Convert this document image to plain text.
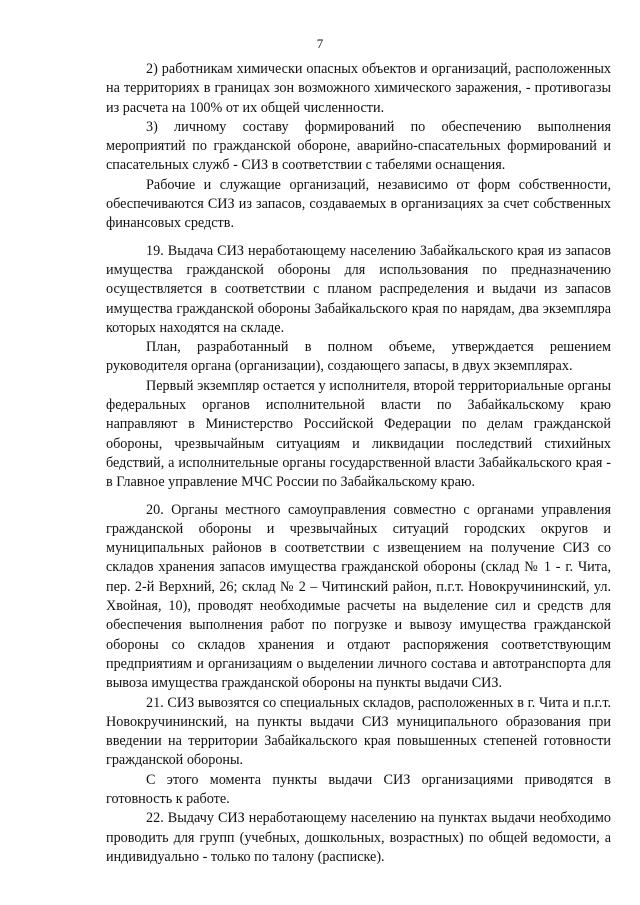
7

2) работникам химически опасных объектов и организаций, расположенных на территориях в границах зон возможного химического заражения, - противогазы из расчета на 100% от их общей численности.

3) личному составу формирований по обеспечению выполнения мероприятий по гражданской обороне, аварийно-спасательных формирований и спасательных служб - СИЗ в соответствии с табелями оснащения.

Рабочие и служащие организаций, независимо от форм собственности, обеспечиваются СИЗ из запасов, создаваемых в организациях за счет собственных финансовых средств.

19. Выдача СИЗ неработающему населению Забайкальского края из запасов имущества гражданской обороны для использования по предназначению осуществляется в соответствии с планом распределения и выдачи из запасов имущества гражданской обороны Забайкальского края по нарядам, два экземпляра которых находятся на складе.

План, разработанный в полном объеме, утверждается решением руководителя органа (организации), создающего запасы, в двух экземплярах.

Первый экземпляр остается у исполнителя, второй территориальные органы федеральных органов исполнительной власти по Забайкальскому краю направляют в Министерство Российской Федерации по делам гражданской обороны, чрезвычайным ситуациям и ликвидации последствий стихийных бедствий, а исполнительные органы государственной власти Забайкальского края - в Главное управление МЧС России по Забайкальскому краю.

20. Органы местного самоуправления совместно с органами управления гражданской обороны и чрезвычайных ситуаций городских округов и муниципальных районов в соответствии с извещением на получение СИЗ со складов хранения запасов имущества гражданской обороны (склад № 1 - г. Чита, пер. 2-й Верхний, 26; склад № 2 – Читинский район, п.г.т. Новокручининский, ул. Хвойная, 10), проводят необходимые расчеты на выделение сил и средств для обеспечения выполнения работ по погрузке и вывозу имущества гражданской обороны со складов хранения и отдают распоряжения соответствующим предприятиям и организациям о выделении личного состава и автотранспорта для вывоза имущества гражданской обороны на пункты выдачи СИЗ.

21. СИЗ вывозятся со специальных складов, расположенных в г. Чита и п.г.т. Новокручининский, на пункты выдачи СИЗ муниципального образования при введении на территории Забайкальского края повышенных степеней готовности гражданской обороны.

С этого момента пункты выдачи СИЗ организациями приводятся в готовность к работе.

22. Выдачу СИЗ неработающему населению на пунктах выдачи необходимо проводить для групп (учебных, дошкольных, возрастных) по общей ведомости, а индивидуально - только по талону (расписке).
